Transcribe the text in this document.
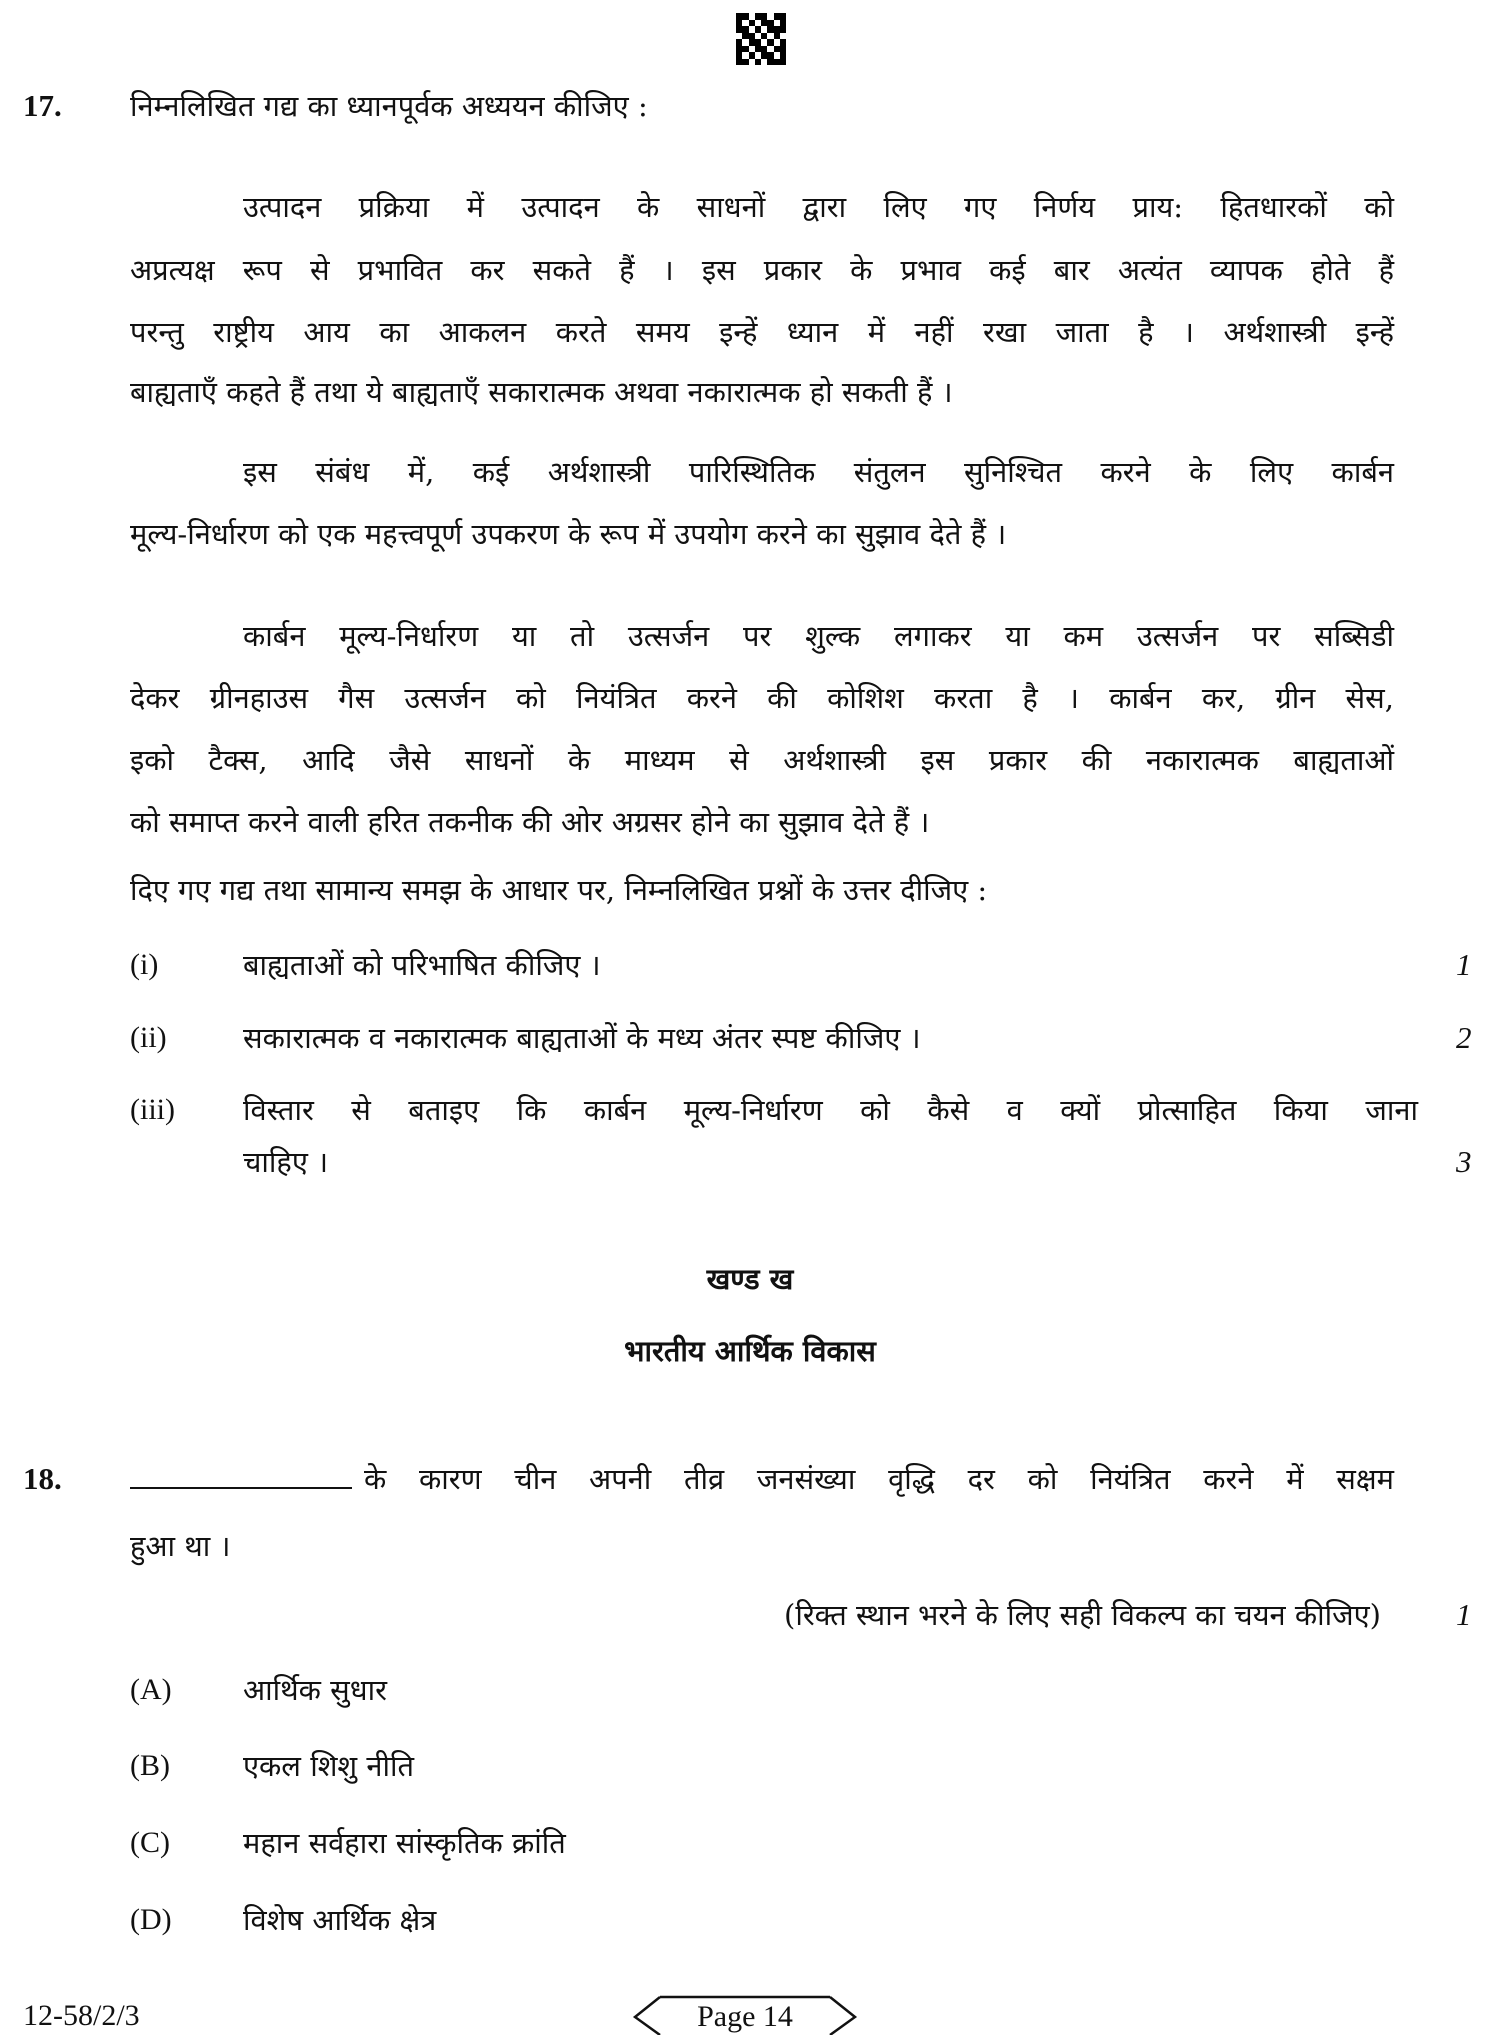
17. निम्नलिखित गद्य का ध्यानपूर्वक अध्ययन कीजिए :
उत्पादन प्रक्रिया में उत्पादन के साधनों द्वारा लिए गए निर्णय प्राय: हितधारकों को
अप्रत्यक्ष रूप से प्रभावित कर सकते हैं । इस प्रकार के प्रभाव कई बार अत्यंत व्यापक होते हैं
परन्तु राष्ट्रीय आय का आकलन करते समय इन्हें ध्यान में नहीं रखा जाता है । अर्थशास्त्री इन्हें
बाह्यताएँ कहते हैं तथा ये बाह्यताएँ सकारात्मक अथवा नकारात्मक हो सकती हैं ।
इस संबंध में, कई अर्थशास्त्री पारिस्थितिक संतुलन सुनिश्चित करने के लिए कार्बन
मूल्य-निर्धारण को एक महत्त्वपूर्ण उपकरण के रूप में उपयोग करने का सुझाव देते हैं ।
कार्बन मूल्य-निर्धारण या तो उत्सर्जन पर शुल्क लगाकर या कम उत्सर्जन पर सब्सिडी
देकर ग्रीनहाउस गैस उत्सर्जन को नियंत्रित करने की कोशिश करता है । कार्बन कर, ग्रीन सेस,
इको टैक्स, आदि जैसे साधनों के माध्यम से अर्थशास्त्री इस प्रकार की नकारात्मक बाह्यताओं
को समाप्त करने वाली हरित तकनीक की ओर अग्रसर होने का सुझाव देते हैं ।
दिए गए गद्य तथा सामान्य समझ के आधार पर, निम्नलिखित प्रश्नों के उत्तर दीजिए :
(i)	बाह्यताओं को परिभाषित कीजिए ।	1
(ii)	सकारात्मक व नकारात्मक बाह्यताओं के मध्य अंतर स्पष्ट कीजिए ।	2
(iii) विस्तार से बताइए कि कार्बन मूल्य-निर्धारण को कैसे व क्यों प्रोत्साहित किया जाना
चाहिए ।	3
खण्ड ख
भारतीय आर्थिक विकास
18.	के कारण चीन अपनी तीव्र जनसंख्या वृद्धि दर को नियंत्रित करने में सक्षम
हुआ था ।
(रिक्त स्थान भरने के लिए सही विकल्प का चयन कीजिए) 1
(A) आर्थिक सुधार
(B)	एकल शिशु नीति
(C)	महान सर्वहारा सांस्कृतिक क्रांति
(D) विशेष आर्थिक क्षेत्र
12-58/2/3	Page 14
